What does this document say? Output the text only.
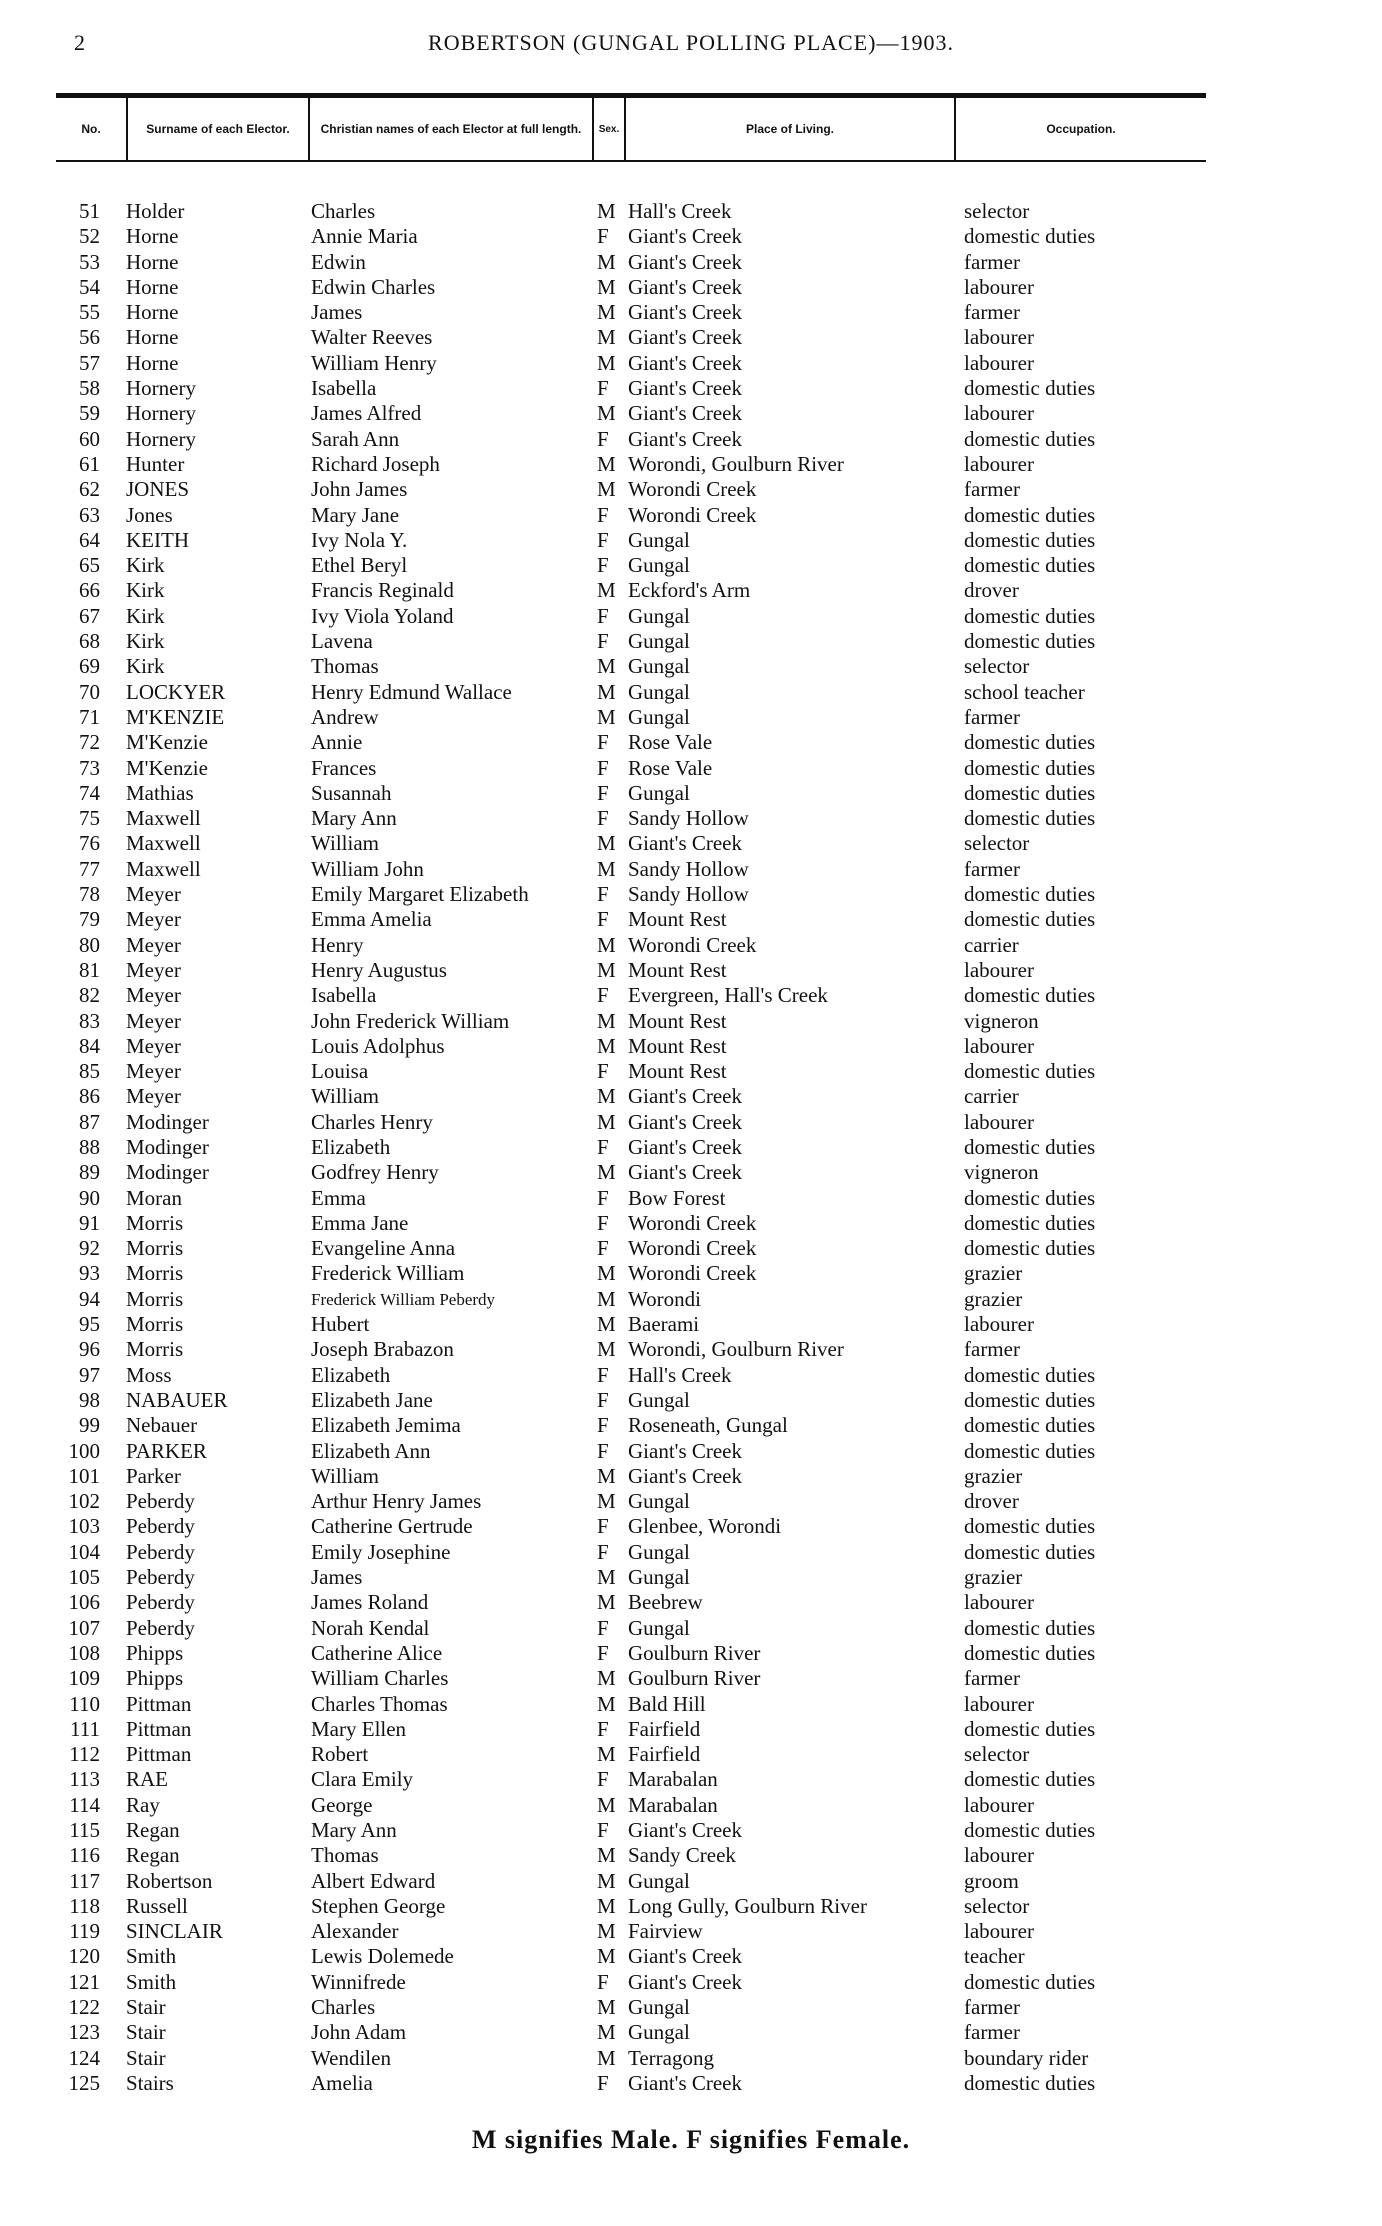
2	ROBERTSON (GUNGAL POLLING PLACE)—1903.
No.	Surname of each Elector.	Christian names of each Elector at full length.	Sex.	Place of Living.	Occupation.
51 Holder	Charles	M Hall's Creek	selector
52 Horne	Annie Maria	F Giant's Creek	domestic duties
53 Horne	Edwin	M Giant's Creek	farmer
54 Horne	Edwin Charles	M Giant's Creek	labourer
55 Horne	James	M Giant's Creek	farmer
56 Horne	Walter Reeves	M Giant's Creek	labourer
57 Horne	William Henry	M Giant's Creek	labourer
58 Hornery	Isabella	F Giant's Creek	domestic duties
59 Hornery	James Alfred	M Giant's Creek	labourer
60 Hornery	Sarah Ann	F Giant's Creek	domestic duties
61 Hunter	Richard Joseph	M Worondi, Goulburn River	labourer
62 JONES	John James	M Worondi Creek	farmer
63 Jones	Mary Jane	F Worondi Creek	domestic duties
64 KEITH	Ivy Nola Y.	F Gungal	domestic duties
65 Kirk	Ethel Beryl	F Gungal	domestic duties
66 Kirk	Francis Reginald	M Eckford's Arm	drover
67 Kirk	Ivy Viola Yoland	F Gungal	domestic duties
68 Kirk	Lavena	F Gungal	domestic duties
69 Kirk	Thomas	M Gungal	selector
70 LOCKYER	Henry Edmund Wallace	M Gungal	school teacher
71 M'KENZIE	Andrew	M Gungal	farmer
72 M'Kenzie	Annie	F Rose Vale	domestic duties
73 M'Kenzie	Frances	F Rose Vale	domestic duties
74 Mathias	Susannah	F Gungal	domestic duties
75 Maxwell	Mary Ann	F Sandy Hollow	domestic duties
76 Maxwell	William	M Giant's Creek	selector
77 Maxwell	William John	M Sandy Hollow	farmer
78 Meyer	Emily Margaret Elizabeth	F Sandy Hollow	domestic duties
79 Meyer	Emma Amelia	F Mount Rest	domestic duties
80 Meyer	Henry	M Worondi Creek	carrier
81 Meyer	Henry Augustus	M Mount Rest	labourer
82 Meyer	Isabella	F Evergreen, Hall's Creek	domestic duties
83 Meyer	John Frederick William	M Mount Rest	vigneron
84 Meyer	Louis Adolphus	M Mount Rest	labourer
85 Meyer	Louisa	F Mount Rest	domestic duties
86 Meyer	William	M Giant's Creek	carrier
87 Modinger	Charles Henry	M Giant's Creek	labourer
88 Modinger	Elizabeth	F Giant's Creek	domestic duties
89 Modinger	Godfrey Henry	M Giant's Creek	vigneron
90 Moran	Emma	F Bow Forest	domestic duties
91 Morris	Emma Jane	F Worondi Creek	domestic duties
92 Morris	Evangeline Anna	F Worondi Creek	domestic duties
93 Morris	Frederick William	M Worondi Creek	grazier
94 Morris	Frederick William Peberdy	M Worondi	grazier
95 Morris	Hubert	M Baerami	labourer
96 Morris	Joseph Brabazon	M Worondi, Goulburn River	farmer
97 Moss	Elizabeth	F Hall's Creek	domestic duties
98 NABAUER	Elizabeth Jane	F Gungal	domestic duties
99 Nebauer	Elizabeth Jemima	F Roseneath, Gungal	domestic duties
100 PARKER	Elizabeth Ann	F Giant's Creek	domestic duties
101 Parker	William	M Giant's Creek	grazier
102 Peberdy	Arthur Henry James	M Gungal	drover
103 Peberdy	Catherine Gertrude	F Glenbee, Worondi	domestic duties
104 Peberdy	Emily Josephine	F Gungal	domestic duties
105 Peberdy	James	M Gungal	grazier
106 Peberdy	James Roland	M Beebrew	labourer
107 Peberdy	Norah Kendal	F Gungal	domestic duties
108 Phipps	Catherine Alice	F Goulburn River	domestic duties
109 Phipps	William Charles	M Goulburn River	farmer
110 Pittman	Charles Thomas	M Bald Hill	labourer
111 Pittman	Mary Ellen	F Fairfield	domestic duties
112 Pittman	Robert	M Fairfield	selector
113 RAE	Clara Emily	F Marabalan	domestic duties
114 Ray	George	M Marabalan	labourer
115 Regan	Mary Ann	F Giant's Creek	domestic duties
116 Regan	Thomas	M Sandy Creek	labourer
117 Robertson	Albert Edward	M Gungal	groom
118 Russell	Stephen George	M Long Gully, Goulburn River	selector
119 SINCLAIR	Alexander	M Fairview	labourer
120 Smith	Lewis Dolemede	M Giant's Creek	teacher
121 Smith	Winnifrede	F Giant's Creek	domestic duties
122 Stair	Charles	M Gungal	farmer
123 Stair	John Adam	M Gungal	farmer
124 Stair	Wendilen	M Terragong	boundary rider
125 Stairs	Amelia	F Giant's Creek	domestic duties
M signifies Male. F signifies Female.
